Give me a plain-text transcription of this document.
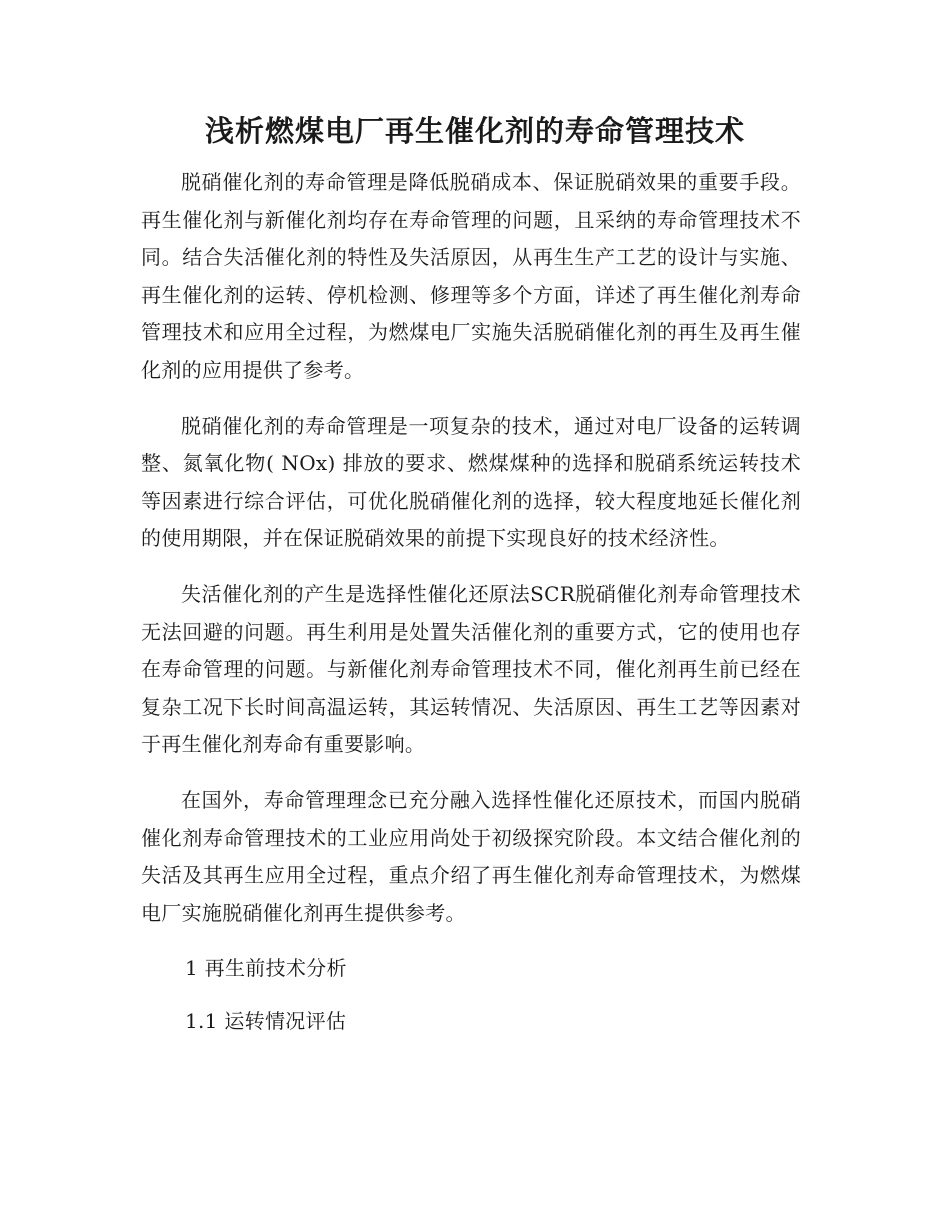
浅析燃煤电厂再生催化剂的寿命管理技术

脱硝催化剂的寿命管理是降低脱硝成本、保证脱硝效果的重要手段。再生催化剂与新催化剂均存在寿命管理的问题，且采纳的寿命管理技术不同。结合失活催化剂的特性及失活原因，从再生生产工艺的设计与实施、再生催化剂的运转、停机检测、修理等多个方面，详述了再生催化剂寿命管理技术和应用全过程，为燃煤电厂实施失活脱硝催化剂的再生及再生催化剂的应用提供了参考。

脱硝催化剂的寿命管理是一项复杂的技术，通过对电厂设备的运转调整、氮氧化物( NOx) 排放的要求、燃煤煤种的选择和脱硝系统运转技术等因素进行综合评估，可优化脱硝催化剂的选择，较大程度地延长催化剂的使用期限，并在保证脱硝效果的前提下实现良好的技术经济性。

失活催化剂的产生是选择性催化还原法SCR脱硝催化剂寿命管理技术无法回避的问题。再生利用是处置失活催化剂的重要方式，它的使用也存在寿命管理的问题。与新催化剂寿命管理技术不同，催化剂再生前已经在复杂工况下长时间高温运转，其运转情况、失活原因、再生工艺等因素对于再生催化剂寿命有重要影响。

在国外，寿命管理理念已充分融入选择性催化还原技术，而国内脱硝催化剂寿命管理技术的工业应用尚处于初级探究阶段。本文结合催化剂的失活及其再生应用全过程，重点介绍了再生催化剂寿命管理技术，为燃煤电厂实施脱硝催化剂再生提供参考。

1 再生前技术分析

1.1 运转情况评估
